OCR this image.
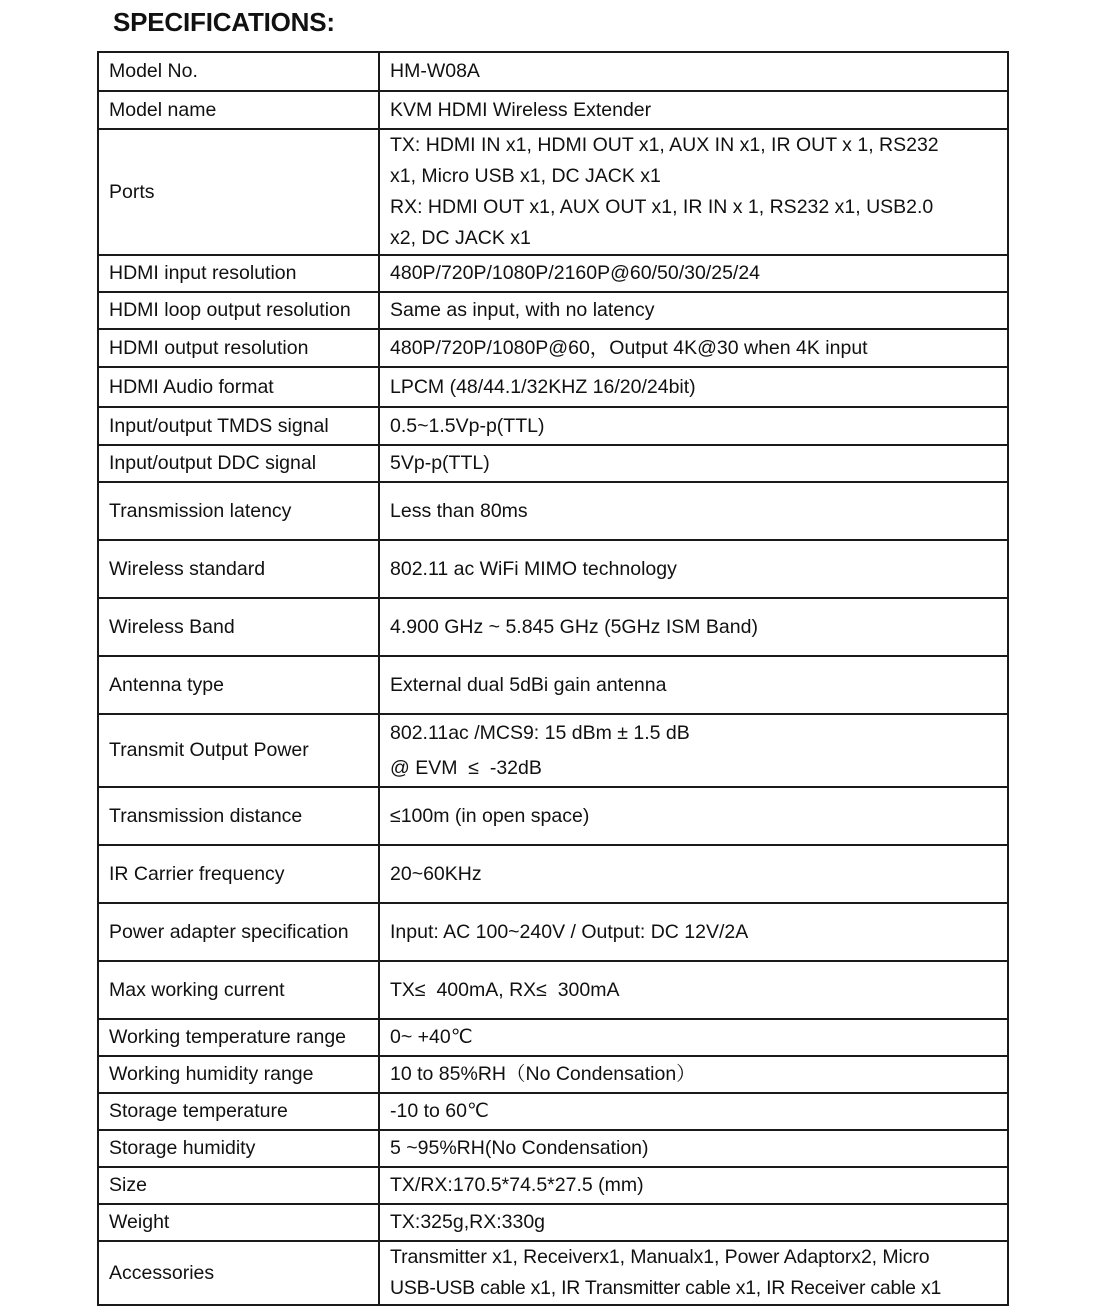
SPECIFICATIONS:
Model No.	HM-W08A

Model name	KVM HDMI Wireless Extender

Ports	TX: HDMI IN x1, HDMI OUT x1, AUX IN x1, IR OUT x 1, RS232
x1, Micro USB x1, DC JACK x1
RX: HDMI OUT x1, AUX OUT x1, IR IN x 1, RS232 x1, USB2.0
x2, DC JACK x1

HDMI input resolution	480P/720P/1080P/2160P@60/50/30/25/24

HDMI loop output resolution	Same as input, with no latency

HDMI output resolution	480P/720P/1080P@60，Output 4K@30 when 4K input

HDMI Audio format	LPCM (48/44.1/32KHZ 16/20/24bit)

Input/output TMDS signal	0.5~1.5Vp-p(TTL)

Input/output DDC signal	5Vp-p(TTL)

Transmission latency	Less than 80ms

Wireless standard	802.11 ac WiFi MIMO technology

Wireless Band	4.900 GHz ~ 5.845 GHz (5GHz ISM Band)

Antenna type	External dual 5dBi gain antenna

Transmit Output Power	802.11ac /MCS9: 15 dBm ± 1.5 dB
@ EVM  ≤  -32dB

Transmission distance	≤100m (in open space)

IR Carrier frequency	20~60KHz

Power adapter specification	Input: AC 100~240V / Output: DC 12V/2A

Max working current	TX≤  400mA, RX≤  300mA

Working temperature range	0~ +40℃

Working humidity range	10 to 85%RH（No Condensation）

Storage temperature	-10 to 60℃

Storage humidity	5 ~95%RH(No Condensation)

Size	TX/RX:170.5*74.5*27.5 (mm)

Weight	TX:325g,RX:330g

Accessories	Transmitter x1, Receiverx1, Manualx1, Power Adaptorx2, Micro
USB-USB cable x1, IR Transmitter cable x1, IR Receiver cable x1
